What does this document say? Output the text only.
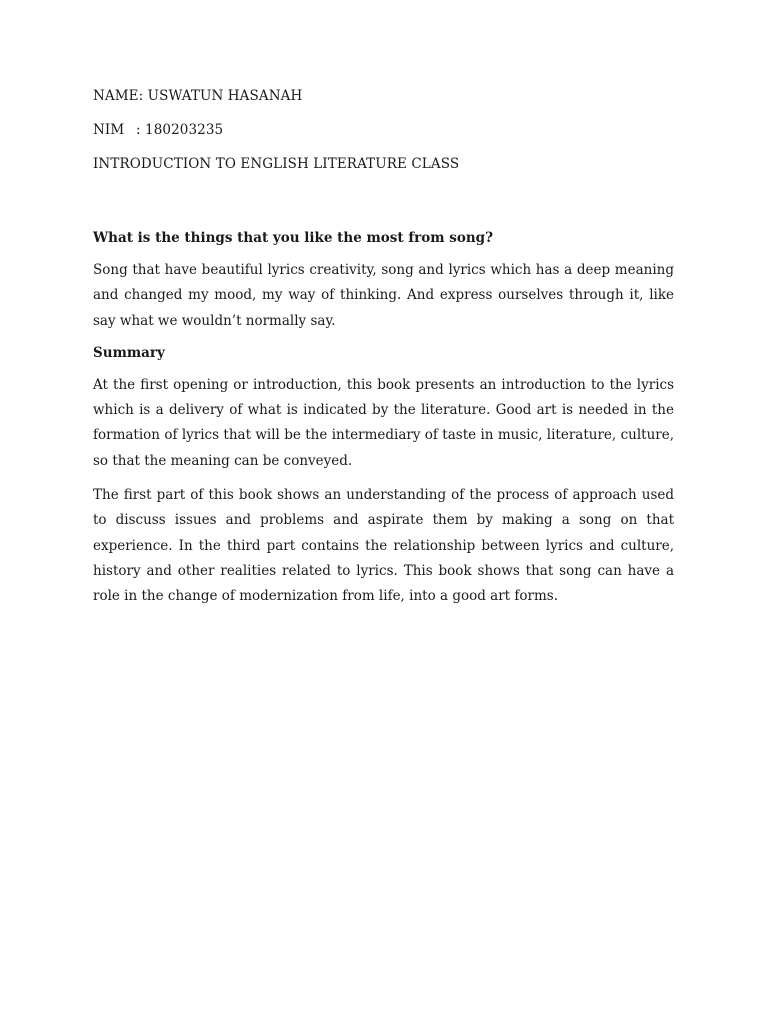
NAME: USWATUN HASANAH
NIM : 180203235
INTRODUCTION TO ENGLISH LITERATURE CLASS
What is the things that you like the most from song?

Song that have beautiful lyrics creativity, song and lyrics which has a deep meaning and changed my mood, my way of thinking. And express ourselves through it, like say what we wouldn’t normally say.

Summary

At the first opening or introduction, this book presents an introduction to the lyrics which is a delivery of what is indicated by the literature. Good art is needed in the formation of lyrics that will be the intermediary of taste in music, literature, culture, so that the meaning can be conveyed.

The first part of this book shows an understanding of the process of approach used to discuss issues and problems and aspirate them by making a song on that experience. In the third part contains the relationship between lyrics and culture, history and other realities related to lyrics. This book shows that song can have a role in the change of modernization from life, into a good art forms.
